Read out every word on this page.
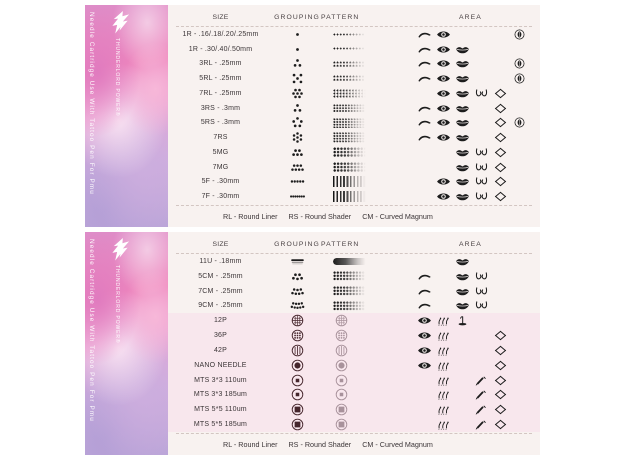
Needle Cartridge Use With Tattoo Pen For Pmu	THUNDERLORD POWER®
SIZE	GROUPING PATTERN	AREA
1R - .16/.18/.20/.25mm
1R - .30/.40/.50mm
3RL - .25mm
5RL - .25mm
7RL - .25mm
3RS - .3mm
5RS - .3mm
7RS
5MG
7MG
5F - .30mm
7F - .30mm
RL - Round Liner RS - Round Shader CM - Curved Magnum
Needle Cartridge Use With Tattoo Pen For Pmu	THUNDERLORD POWER®
SIZE	GROUPING PATTERN	AREA
11U - .18mm
5CM - .25mm
7CM - .25mm
9CM - .25mm
12P
36P
42P
NANO NEEDLE
MTS 3*3 110um
MTS 3*3 185um
MTS 5*5 110um
MTS 5*5 185um
RL - Round Liner RS - Round Shader CM - Curved Magnum
